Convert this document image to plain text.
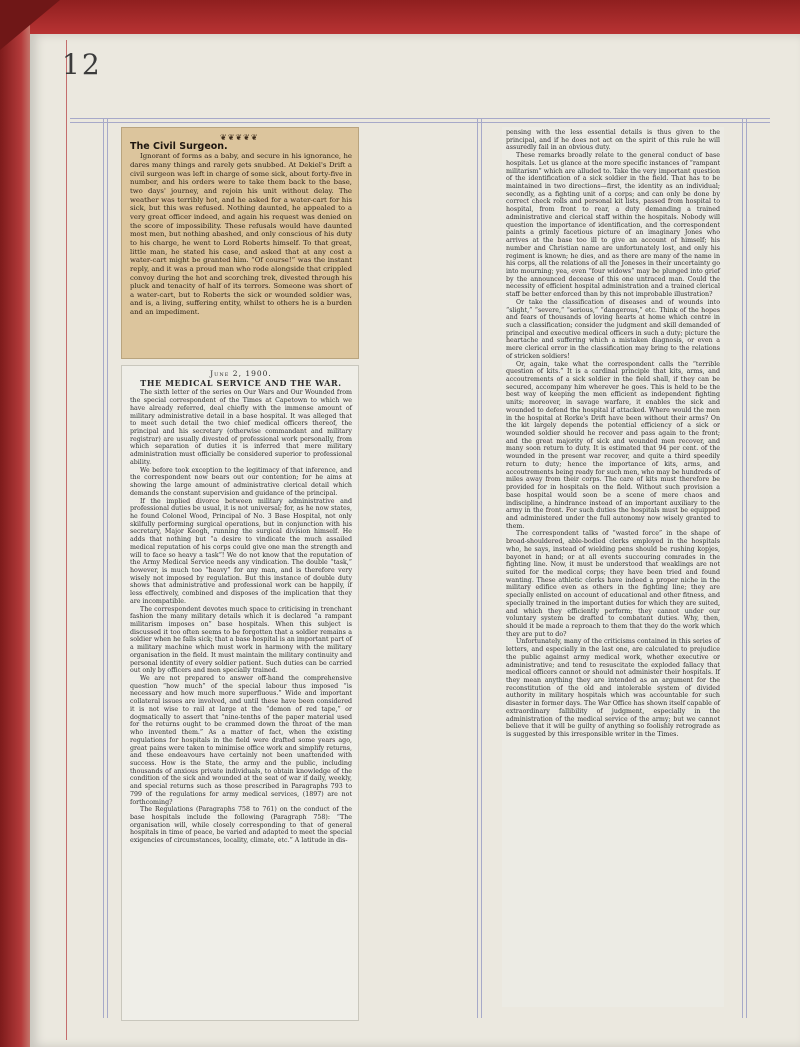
12
❦❦❦❦❦
The Civil Surgeon.

Ignorant of forms as a baby, and secure in his ignorance, he dares many things and rarely gets snubbed. At Dekiel's Drift a civil surgeon was left in charge of some sick, about forty-five in number, and his orders were to take them back to the base, two days' journey, and rejoin his unit without delay. The weather was terribly hot, and he asked for a water-cart for his sick, but this was refused. Nothing daunted, he appealed to a very great officer indeed, and again his request was denied on the score of impossibility. These refusals would have daunted most men, but nothing abashed, and only conscious of his duty to his charge, he went to Lord Roberts himself. To that great, little man, he stated his case, and asked that at any cost a water-cart might be granted him. “Of course!” was the instant reply, and it was a proud man who rode alongside that crippled convoy during the hot and scorching trek, divested through his pluck and tenacity of half of its terrors. Someone was short of a water-cart, but to Roberts the sick or wounded soldier was, and is, a living, suffering entity, whilst to others he is a burden and an impediment.

June 2, 1900.
THE MEDICAL SERVICE AND THE WAR.

The sixth letter of the series on Our Wars and Our Wounded from the special correspondent of the Times at Capetown to which we have already referred, deal chiefly with the immense amount of military administrative detail in a base hospital. It was alleged that to meet such detail the two chief medical officers thereof, the principal and his secretary (otherwise commandant and military registrar) are usually divested of professional work personally, from which separation of duties it is inferred that mere military administration must officially be considered superior to professional ability.

We before took exception to the legitimacy of that inference, and the correspondent now bears out our contention; for he aims at showing the large amount of administrative clerical detail which demands the constant supervision and guidance of the principal.

If the implied divorce between military administrative and professional duties be usual, it is not universal; for, as he now states, he found Colonel Wood, Principal of No. 3 Base Hospital, not only skilfully performing surgical operations, but in conjunction with his secretary, Major Keogh, running the surgical division himself. He adds that nothing but “a desire to vindicate the much assailed medical reputation of his corps could give one man the strength and will to face so heavy a task”! We do not know that the reputation of the Army Medical Service needs any vindication. The double “task,” however, is much too “heavy” for any man, and is therefore very wisely not imposed by regulation. But this instance of double duty shows that administrative and professional work can be happily, if less effectively, combined and disposes of the implication that they are incompatible.

The correspondent devotes much space to criticising in trenchant fashion the many military details which it is declared “a rampant militarism imposes on” base hospitals. When this subject is discussed it too often seems to be forgotten that a soldier remains a soldier when he falls sick; that a base hospital is an important part of a military machine which must work in harmony with the military organisation in the field. It must maintain the military continuity and personal identity of every soldier patient. Such duties can be carried out only by officers and men specially trained.

We are not prepared to answer off-hand the comprehensive question “how much” of the special labour thus imposed “is necessary and how much more superfluous.” Wide and important collateral issues are involved, and until these have been considered it is not wise to rail at large at the “demon of red tape,” or dogmatically to assert that “nine-tenths of the paper material used for the returns ought to be crammed down the throat of the man who invented them.” As a matter of fact, when the existing regulations for hospitals in the field were drafted some years ago, great pains were taken to minimise office work and simplify returns, and these endeavours have certainly not been unattended with success. How is the State, the army and the public, including thousands of anxious private individuals, to obtain knowledge of the condition of the sick and wounded at the seat of war if daily, weekly, and special returns such as those prescribed in Paragraphs 793 to 799 of the regulations for army medical services, (1897) are not forthcoming?

The Regulations (Paragraphs 758 to 761) on the conduct of the base hospitals include the following (Paragraph 758): “The organisation will, while closely corresponding to that of general hospitals in time of peace, be varied and adapted to meet the special exigencies of circumstances, locality, climate, etc.” A latitude in dis-

pensing with the less essential details is thus given to the principal, and if he does not act on the spirit of this rule he will assuredly fail in an obvious duty.

These remarks broadly relate to the general conduct of base hospitals. Let us glance at the more specific instances of “rampant militarism” which are alluded to. Take the very important question of the identification of a sick soldier in the field. That has to be maintained in two directions—first, the identity as an individual; secondly, as a fighting unit of a corps; and can only be done by correct check rolls and personal kit lists, passed from hospital to hospital, from front to rear, a duty demanding a trained administrative and clerical staff within the hospitals. Nobody will question the importance of identification, and the correspondent paints a grimly facetious picture of an imaginary Jones who arrives at the base too ill to give an account of himself; his number and Christian name are unfortunately lost, and only his regiment is known; he dies, and as there are many of the name in his corps, all the relations of all the Joneses in their uncertainty go into mourning; yea, even “four widows” may be plunged into grief by the announced decease of this one untraced man. Could the necessity of efficient hospital administration and a trained clerical staff be better enforced than by this not improbable illustration?

Or take the classification of diseases and of wounds into “slight,” “severe,” “serious,” “dangerous,” etc. Think of the hopes and fears of thousands of loving hearts at home which centre in such a classification; consider the judgment and skill demanded of principal and executive medical officers in such a duty; picture the heartache and suffering which a mistaken diagnosis, or even a mere clerical error in the classification may bring to the relations of stricken soldiers!

Or, again, take what the correspondent calls the “terrible question of kits.” It is a cardinal principle that kits, arms, and accoutrements of a sick soldier in the field shall, if they can be secured, accompany him wherever he goes. This is held to be the best way of keeping the men efficient as independent fighting units; moreover, in savage warfare, it enables the sick and wounded to defend the hospital if attacked. Where would the men in the hospital at Rorke's Drift have been without their arms? On the kit largely depends the potential efficiency of a sick or wounded soldier should he recover and pass again to the front; and the great majority of sick and wounded men recover, and many soon return to duty. It is estimated that 94 per cent. of the wounded in the present war recover, and quite a third speedily return to duty; hence the importance of kits, arms, and accoutrements being ready for such men, who may be hundreds of miles away from their corps. The care of kits must therefore be provided for in hospitals on the field. Without such provision a base hospital would soon be a scene of mere chaos and indiscipline, a hindrance instead of an important auxiliary to the army in the front. For such duties the hospitals must be equipped and administered under the full autonomy now wisely granted to them.

The correspondent talks of “wasted force” in the shape of broad-shouldered, able-bodied clerks employed in the hospitals who, he says, instead of wielding pens should be rushing kopjes, bayonet in hand; or at all events succouring comrades in the fighting line. Now, it must be understood that weaklings are not suited for the medical corps; they have been tried and found wanting. These athletic clerks have indeed a proper niche in the military edifice even as others in the fighting line; they are specially enlisted on account of educational and other fitness, and specially trained in the important duties for which they are suited, and which they efficiently perform; they cannot under our voluntary system be drafted to combatant duties. Why, then, should it be made a reproach to them that they do the work which they are put to do?

Unfortunately, many of the criticisms contained in this series of letters, and especially in the last one, are calculated to prejudice the public against army medical work, whether executive or administrative; and tend to resuscitate the exploded fallacy that medical officers cannot or should not administer their hospitals. If they mean anything they are intended as an argument for the reconstitution of the old and intolerable system of divided authority in military hospitals which was accountable for such disaster in former days. The War Office has shown itself capable of extraordinary fallibility of judgment, especially in the administration of the medical service of the army; but we cannot believe that it will be guilty of anything so foolishly retrograde as is suggested by this irresponsible writer in the Times.
